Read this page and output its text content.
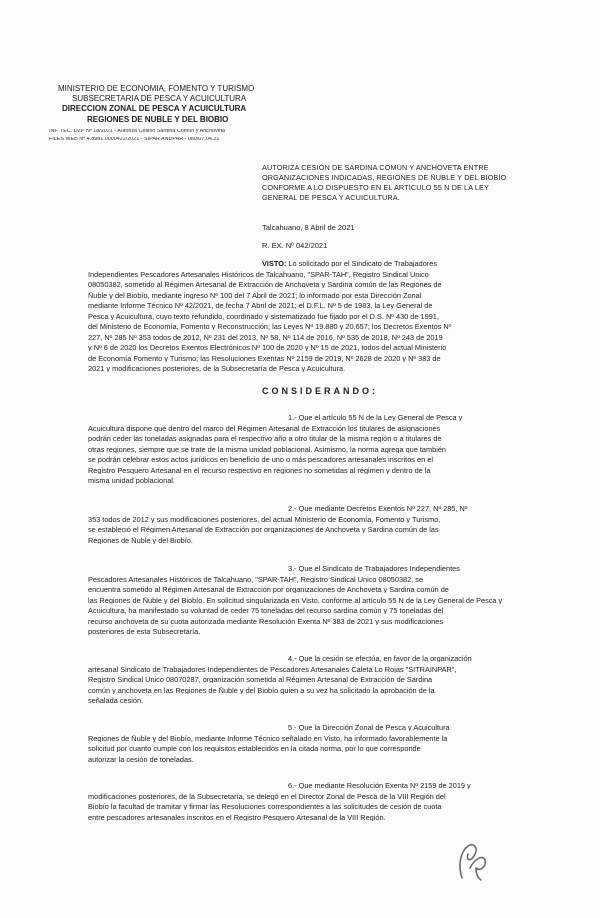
MINISTERIO DE ECONOMÍA, FOMENTO Y TURISMO
SUBSECRETARÍA DE PESCA Y ACUICULTURA
DIRECCIÓN ZONAL DE PESCA Y ACUICULTURA
REGIONES DE ÑUBLE Y DEL BIOBÍO
INF. TEC. DZP Nº 18/2021 - Autoriza Cesión Sardina Común y Anchoveta
FILES WEB N° 4.8981.0000422/2021 - SIPAR ANDPAR - 080/07.04.21
AUTORIZA CESIÓN DE SARDINA COMÚN Y ANCHOVETA ENTRE
ORGANIZACIONES INDICADAS, REGIONES DE ÑUBLE Y DEL BIOBÍO
CONFORME A LO DISPUESTO EN EL ARTÍCULO 55 N DE LA LEY
GENERAL DE PESCA Y ACUICULTURA.
Talcahuano, 8 Abril de 2021
R. EX. Nº 042/2021
VISTO: Lo solicitado por el Sindicato de Trabajadores
Independientes Pescadores Artesanales Históricos de Talcahuano, "SPAR-TAH", Registro Sindical Único
08050382, sometido al Régimen Artesanal de Extracción de Anchoveta y Sardina común de las Regiones de
Ñuble y del Biobío, mediante ingreso Nº 100 del 7 Abril de 2021; lo informado por esta Dirección Zonal
mediante Informe Técnico Nº 42/2021, de fecha 7 Abril de 2021; el D.F.L. Nº 5 de 1983, la Ley General de
Pesca y Acuicultura, cuyo texto refundido, coordinado y sistematizado fue fijado por el D.S. Nº 430 de 1991,
del Ministerio de Economía, Fomento y Reconstrucción; las Leyes Nº 19.880 y 20.657; los Decretos Exentos Nº
227, Nº 285 Nº 353 todos de 2012, Nº 231 del 2013, Nº 58, Nº 114 de 2016, Nº 535 de 2018, Nº 243 de 2019
y Nº 6 de 2020 los Decretos Exentos Electrónicos Nº 100 de 2020 y Nº 15 de 2021, todos del actual Ministerio
de Economía Fomento y Turismo; las Resoluciones Exentas Nº 2159 de 2019, Nº 2628 de 2020 y Nº 383 de
2021 y modificaciones posteriores, de la Subsecretaría de Pesca y Acuicultura.
CONSIDERANDO:
1.- Que el artículo 55 N de la Ley General de Pesca y
Acuicultura dispone que dentro del marco del Régimen Artesanal de Extracción los titulares de asignaciones
podrán ceder las toneladas asignadas para el respectivo año a otro titular de la misma región o a titulares de
otras regiones, siempre que se trate de la misma unidad poblacional. Asimismo, la norma agrega que también
se podrán celebrar estos actos jurídicos en beneficio de uno o más pescadores artesanales inscritos en el
Registro Pesquero Artesanal en el recurso respectivo en regiones no sometidas al régimen y dentro de la
misma unidad poblacional.
2.- Que mediante Decretos Exentos Nº 227, Nº 285, Nº
353 todos de 2012 y sus modificaciones posteriores, del actual Ministerio de Economía, Fomento y Turismo,
se estableció el Régimen Artesanal de Extracción por organizaciones de Anchoveta y Sardina común de las
Regiones de Ñuble y del Biobío.
3.- Que el Sindicato de Trabajadores Independientes
Pescadores Artesanales Históricos de Talcahuano, "SPAR-TAH", Registro Sindical Único 08050382, se
encuentra sometido al Régimen Artesanal de Extracción por organizaciones de Anchoveta y Sardina común de
las Regiones de Ñuble y del Biobío. En solicitud singularizada en Visto, conforme al artículo 55 N de la Ley General de Pesca y
Acuicultura, ha manifestado su voluntad de ceder 75 toneladas del recurso sardina común y 75 toneladas del
recurso anchoveta de su cuota autorizada mediante Resolución Exenta Nº 383 de 2021 y sus modificaciones
posteriores de esta Subsecretaría.
4.- Que la cesión se efectúa, en favor de la organización
artesanal Sindicato de Trabajadores Independientes de Pescadores Artesanales Caleta Lo Rojas "SITRAINPAR",
Registro Sindical Único 08070287, organización sometida al Régimen Artesanal de Extracción de Sardina
común y anchoveta en las Regiones de Ñuble y del Biobío quien a su vez ha solicitado la aprobación de la
señalada cesión.
5.- Que la Dirección Zonal de Pesca y Acuicultura
Regiones de Ñuble y del Biobío, mediante Informe Técnico señalado en Visto, ha informado favorablemente la
solicitud por cuanto cumple con los requisitos establecidos en la citada norma, por lo que corresponde
autorizar la cesión de toneladas.
6.- Que mediante Resolución Exenta Nº 2159 de 2019 y
modificaciones posteriores, de la Subsecretaría, se delegó en el Director Zonal de Pesca de la VIII Región del
Biobío la facultad de tramitar y firmar las Resoluciones correspondientes a las solicitudes de cesión de cuota
entre pescadores artesanales inscritos en el Registro Pesquero Artesanal de la VIII Región.
